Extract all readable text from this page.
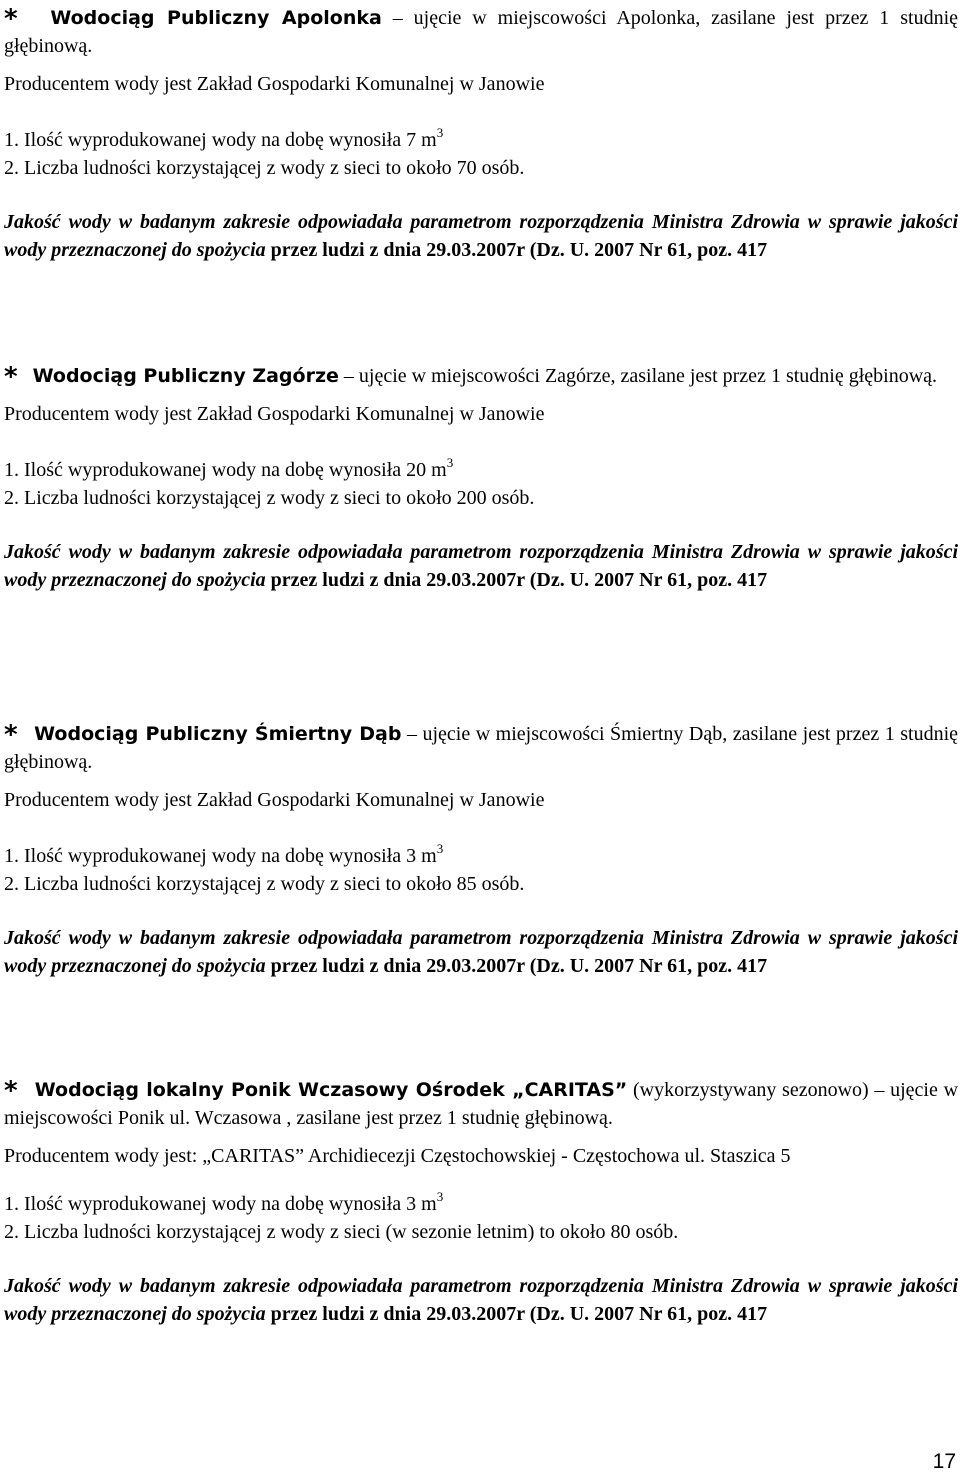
* Wodociąg Publiczny Apolonka – ujęcie w miejscowości Apolonka, zasilane jest przez 1 studnię głębinową.

Producentem wody jest Zakład Gospodarki Komunalnej w Janowie

1. Ilość wyprodukowanej wody na dobę wynosiła 7 $m^3$

2. Liczba ludności korzystającej z wody z sieci to około 70 osób.

Jakość wody w badanym zakresie odpowiadała parametrom rozporządzenia Ministra Zdrowia w sprawie jakości wody przeznaczonej do spożycia przez ludzi z dnia 29.03.2007r (Dz. U. 2007 Nr 61, poz. 417

* Wodociąg Publiczny Zagórze – ujęcie w miejscowości Zagórze, zasilane jest przez 1 studnię głębinową.

Producentem wody jest Zakład Gospodarki Komunalnej w Janowie

1. Ilość wyprodukowanej wody na dobę wynosiła 20 $m^3$

2. Liczba ludności korzystającej z wody z sieci to około 200 osób.

Jakość wody w badanym zakresie odpowiadała parametrom rozporządzenia Ministra Zdrowia w sprawie jakości wody przeznaczonej do spożycia przez ludzi z dnia 29.03.2007r (Dz. U. 2007 Nr 61, poz. 417

* Wodociąg Publiczny Śmiertny Dąb – ujęcie w miejscowości Śmiertny Dąb, zasilane jest przez 1 studnię głębinową.

Producentem wody jest Zakład Gospodarki Komunalnej w Janowie

1. Ilość wyprodukowanej wody na dobę wynosiła 3 $m^3$

2. Liczba ludności korzystającej z wody z sieci to około 85 osób.

Jakość wody w badanym zakresie odpowiadała parametrom rozporządzenia Ministra Zdrowia w sprawie jakości wody przeznaczonej do spożycia przez ludzi z dnia 29.03.2007r (Dz. U. 2007 Nr 61, poz. 417

* Wodociąg lokalny Ponik Wczasowy Ośrodek „CARITAS” (wykorzystywany sezonowo) – ujęcie w miejscowości Ponik ul. Wczasowa , zasilane jest przez 1 studnię głębinową.

Producentem wody jest: „CARITAS” Archidiecezji Częstochowskiej - Częstochowa ul. Staszica 5

1. Ilość wyprodukowanej wody na dobę wynosiła 3 $m^3$

2. Liczba ludności korzystającej z wody z sieci (w sezonie letnim) to około 80 osób.

Jakość wody w badanym zakresie odpowiadała parametrom rozporządzenia Ministra Zdrowia w sprawie jakości wody przeznaczonej do spożycia przez ludzi z dnia 29.03.2007r (Dz. U. 2007 Nr 61, poz. 417

17
